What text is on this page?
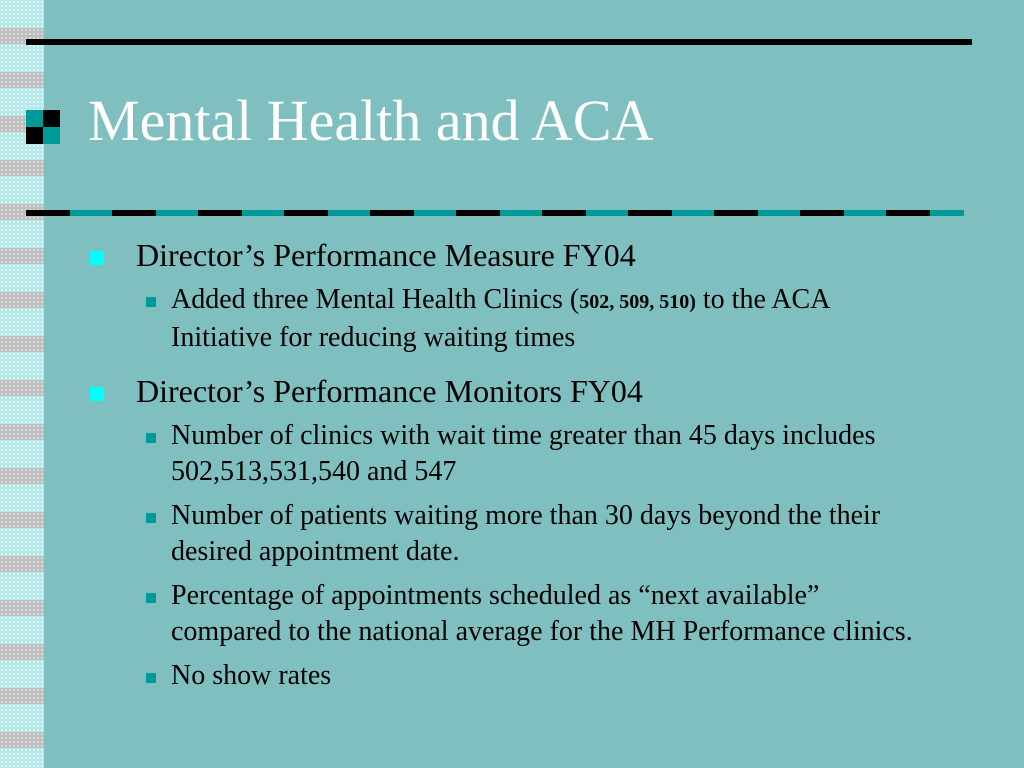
Mental Health and ACA
Director’s Performance Measure FY04
Added three Mental Health Clinics (502, 509, 510) to the ACA Initiative for reducing waiting times
Director’s Performance Monitors FY04
Number of clinics with wait time greater than 45 days includes 502,513,531,540 and 547
Number of patients waiting more than 30 days beyond the their desired appointment date.
Percentage of appointments scheduled as “next available” compared to the national average for the MH Performance clinics.
No show rates
